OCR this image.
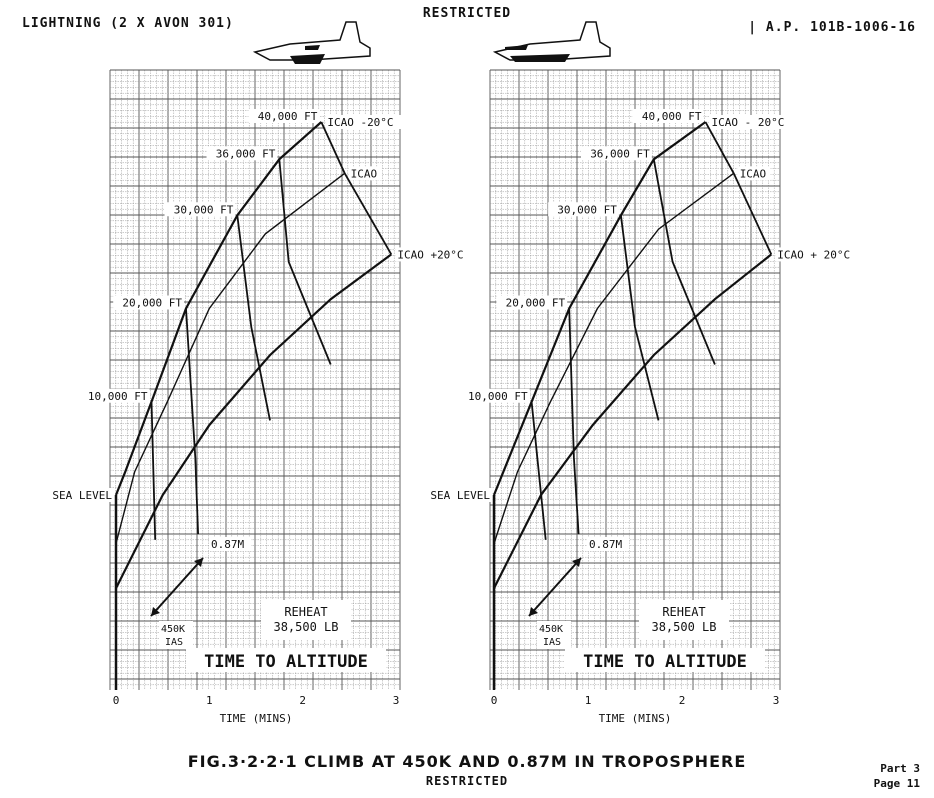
LIGHTNING (2 X AVON 301)
RESTRICTED
| A.P. 101B-1006-16
SEA LEVEL
10,000 FT
20,000 FT
30,000 FT
36,000 FT
40,000 FT ICAO -20°C
ICAO
ICAO +20°C
0	1	2	3
TIME (MINS)
REHEAT
38,500 LB
TIME TO ALTITUDE
0.87M
450K
IAS
SEA LEVEL
10,000 FT
20,000 FT
30,000 FT
36,000 FT
40,000 FT ICAO - 20°C
ICAO
ICAO + 20°C
0	1	2	3
TIME (MINS)
REHEAT
38,500 LB
TIME TO ALTITUDE
0.87M
450K
IAS
FIG.3·2·2·1 CLIMB AT 450K AND 0.87M IN TROPOSPHERE
RESTRICTED
Part 3
Page 11
